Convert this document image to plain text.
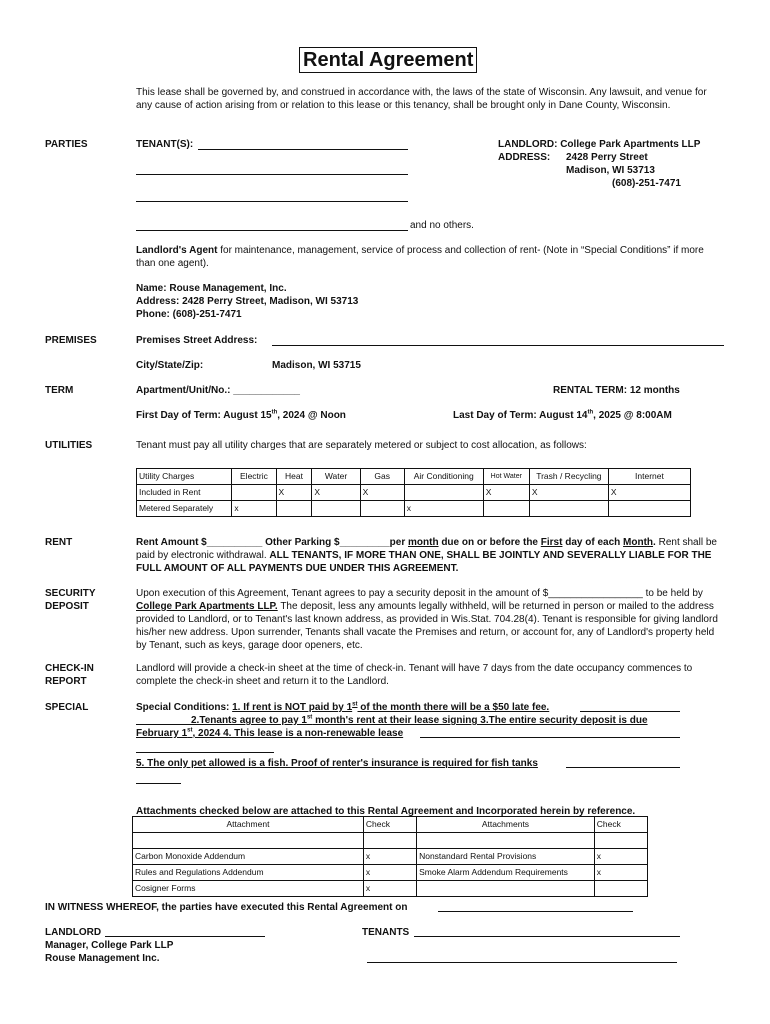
Rental Agreement
This lease shall be governed by, and construed in accordance with, the laws of the state of Wisconsin. Any lawsuit, and venue for any cause of action arising from or relation to this lease or this tenancy, shall be brought only in Dane County, Wisconsin.
PARTIES	TENANT(S):
and no others.
LANDLORD: College Park Apartments LLP
ADDRESS: 2428 Perry Street
Madison, WI 53713
(608)-251-7471
Landlord's Agent for maintenance, management, service of process and collection of rent- (Note in “Special Conditions” if more than one agent).
Name: Rouse Management, Inc.
Address: 2428 Perry Street, Madison, WI 53713
Phone: (608)-251-7471
PREMISES	Premises Street Address:
City/State/Zip:	Madison, WI 53715
TERM	Apartment/Unit/No.: ____________	RENTAL TERM: 12 months
First Day of Term: August 15th, 2024 @ Noon	Last Day of Term: August 14th, 2025 @ 8:00AM
UTILITIES	Tenant must pay all utility charges that are separately metered or subject to cost allocation, as follows:
Utility Charges	Electric	Heat	Water	Gas	Air Conditioning	Hot Water	Trash / Recycling	Internet
Included in Rent		X	X	X		X	X	X
Metered Separately	x				x			
RENT	Rent Amount $__________ Other Parking $_________per month due on or before the First day of each Month. Rent shall be paid by electronic withdrawal. ALL TENANTS, IF MORE THAN ONE, SHALL BE JOINTLY AND SEVERALLY LIABLE FOR THE FULL AMOUNT OF ALL PAYMENTS DUE UNDER THIS AGREEMENT.
SECURITY
DEPOSIT
Upon execution of this Agreement, Tenant agrees to pay a security deposit in the amount of $_________________ to be held by College Park Apartments LLP. The deposit, less any amounts legally withheld, will be returned in person or mailed to the address provided to Landlord, or to Tenant's last known address, as provided in Wis.Stat. 704.28(4). Tenant is responsible for giving landlord his/her new address. Upon surrender, Tenants shall vacate the Premises and return, or account for, any of Landlord's property held by Tenant, such as keys, garage door openers, etc.
CHECK-IN
REPORT
Landlord will provide a check-in sheet at the time of check-in. Tenant will have 7 days from the date occupancy commences to complete the check-in sheet and return it to the Landlord.
SPECIAL	Special Conditions: 1. If rent is NOT paid by 1st of the month there will be a $50 late fee.
2.Tenants agree to pay 1st month's rent at their lease signing 3.The entire security deposit is due
February 1st, 2024 4. This lease is a non-renewable lease
5. The only pet allowed is a fish. Proof of renter's insurance is required for fish tanks
Attachments checked below are attached to this Rental Agreement and Incorporated herein by reference.
Attachment	Check	Attachments	Check

Carbon Monoxide Addendum	x	Nonstandard Rental Provisions	x
Rules and Regulations Addendum	x	Smoke Alarm Addendum Requirements	x
Cosigner Forms	x		
IN WITNESS WHEREOF, the parties have executed this Rental Agreement on
LANDLORD
Manager, College Park LLP
Rouse Management Inc.
TENANTS
